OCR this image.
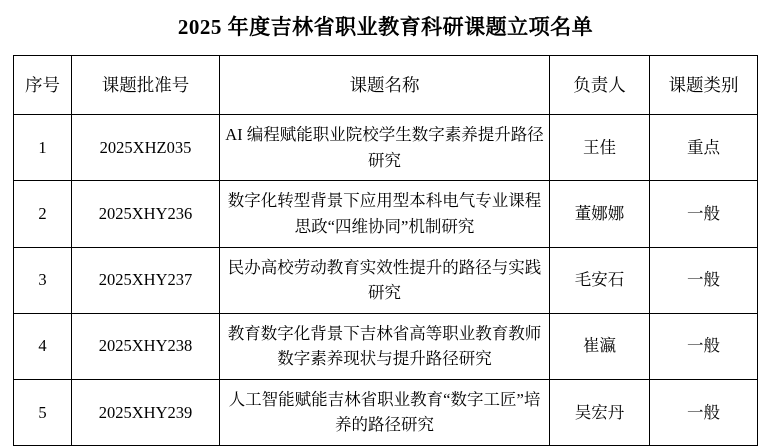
2025 年度吉林省职业教育科研课题立项名单
序号	课题批准号	课题名称	负责人	课题类别
1	2025XHZ035	AI 编程赋能职业院校学生数字素养提升路径研究	王佳	重点
2	2025XHY236	数字化转型背景下应用型本科电气专业课程思政“四维协同”机制研究	董娜娜	一般
3	2025XHY237	民办高校劳动教育实效性提升的路径与实践研究	毛安石	一般
4	2025XHY238	教育数字化背景下吉林省高等职业教育教师数字素养现状与提升路径研究	崔瀛	一般
5	2025XHY239	人工智能赋能吉林省职业教育“数字工匠”培养的路径研究	吴宏丹	一般
